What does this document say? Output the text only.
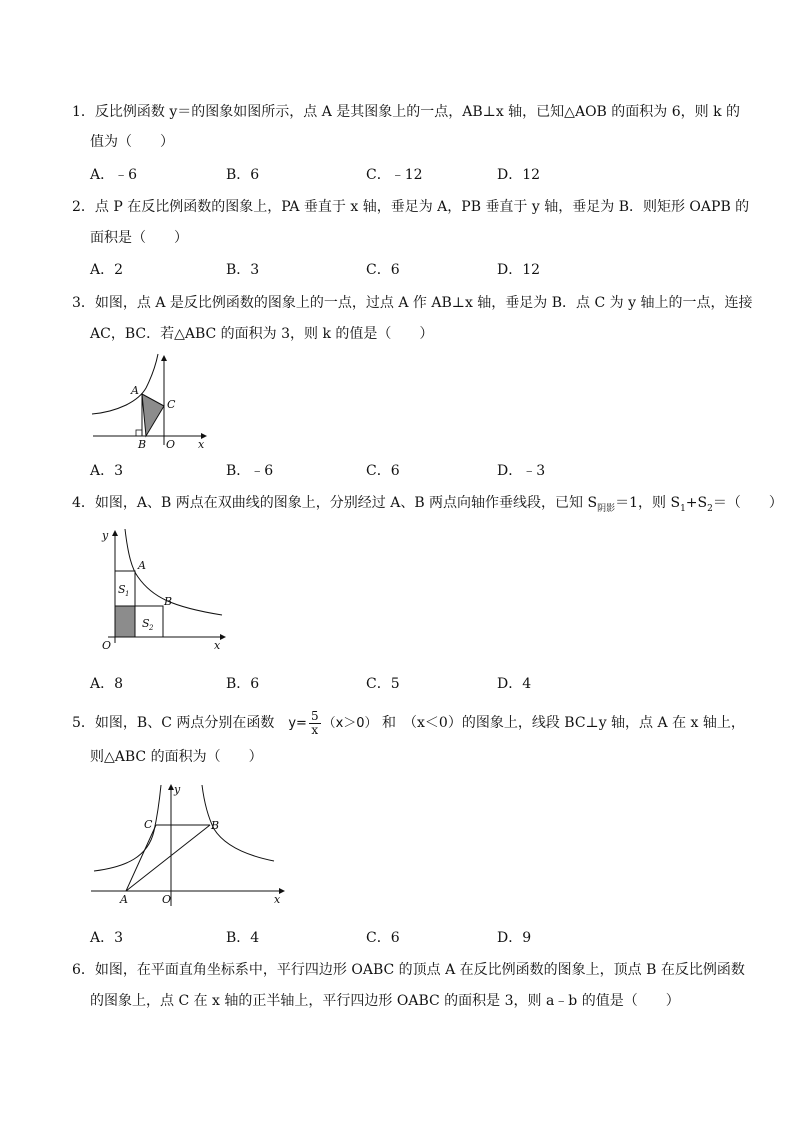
1．反比例函数 y＝的图象如图所示，点 A 是其图象上的一点，AB⊥x 轴，已知△AOB 的面积为 6，则 k 的
值为（　　）
A．﹣6	B．6	C．﹣12	D．12
2．点 P 在反比例函数的图象上，PA 垂直于 x 轴，垂足为 A，PB 垂直于 y 轴，垂足为 B．则矩形 OAPB 的
面积是（　　）
A．2	B．3	C．6	D．12
3．如图，点 A 是反比例函数的图象上的一点，过点 A 作 AB⊥x 轴，垂足为 B．点 C 为 y 轴上的一点，连接
AC，BC．若△ABC 的面积为 3，则 k 的值是（　　）
A
C
B O x
A．3	B．﹣6	C．6	D．﹣3
4．如图，A、B 两点在双曲线的图象上，分别经过 A、B 两点向轴作垂线段，已知 $S_{阴影}=1$，则 $S_1+S_2=$（　　）
y
A
B
S 1
S 2
O	x
A．8	B．6	C．5	D．4
5．如图，B、C 两点分别在函数　 $y= \frac{5}{x} (x>0)$ 和　（x＜0）的图象上，线段 BC⊥y 轴，点 A 在 x 轴上，
则△ABC 的面积为（　　）
y
C	B
A	O	x
A．3	B．4	C．6	D．9
6．如图，在平面直角坐标系中，平行四边形 OABC 的顶点 A 在反比例函数的图象上，顶点 B 在反比例函数
的图象上，点 C 在 x 轴的正半轴上，平行四边形 OABC 的面积是 3，则 a﹣b 的值是（　　）
